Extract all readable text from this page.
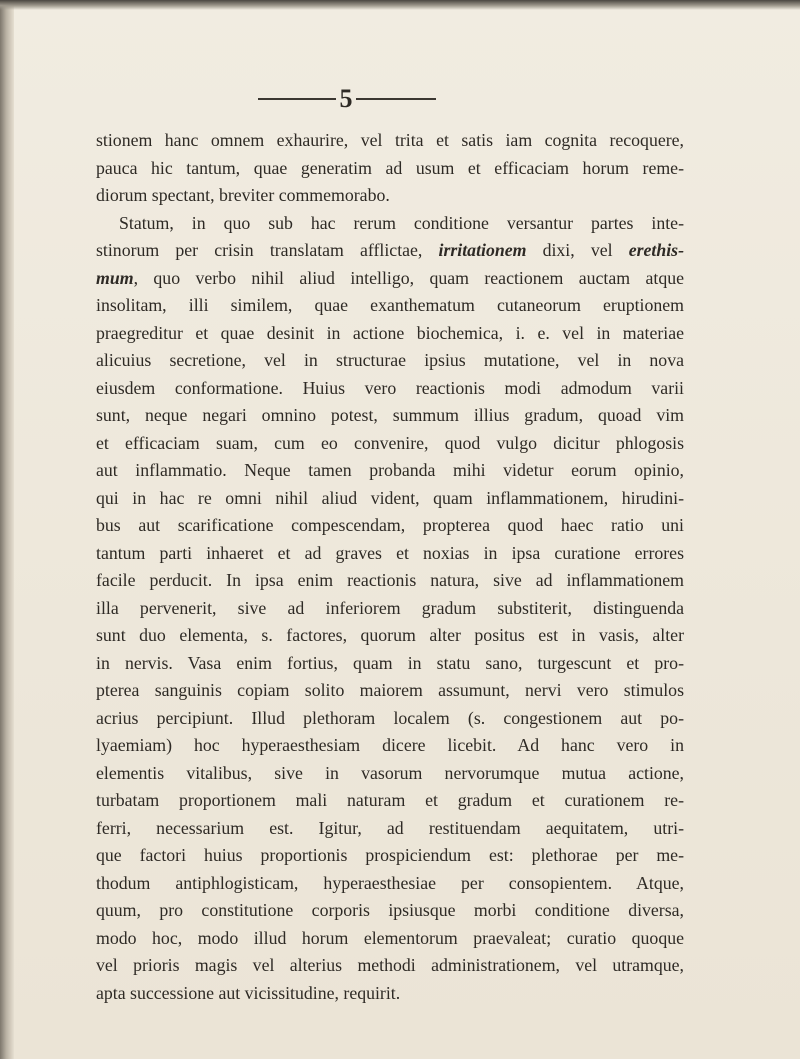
5
stionem hanc omnem exhaurire, vel trita et satis iam cognita recoquere,
pauca hic tantum, quae generatim ad usum et efficaciam horum reme-
diorum spectant, breviter commemorabo.
Statum, in quo sub hac rerum conditione versantur partes inte-
stinorum per crisin translatam afflictae, irritationem dixi, vel erethis-
mum, quo verbo nihil aliud intelligo, quam reactionem auctam atque
insolitam, illi similem, quae exanthematum cutaneorum eruptionem
praegreditur et quae desinit in actione biochemica, i. e. vel in materiae
alicuius secretione, vel in structurae ipsius mutatione, vel in nova
eiusdem conformatione. Huius vero reactionis modi admodum varii
sunt, neque negari omnino potest, summum illius gradum, quoad vim
et efficaciam suam, cum eo convenire, quod vulgo dicitur phlogosis
aut inflammatio. Neque tamen probanda mihi videtur eorum opinio,
qui in hac re omni nihil aliud vident, quam inflammationem, hirudini-
bus aut scarificatione compescendam, propterea quod haec ratio uni
tantum parti inhaeret et ad graves et noxias in ipsa curatione errores
facile perducit. In ipsa enim reactionis natura, sive ad inflammationem
illa pervenerit, sive ad inferiorem gradum substiterit, distinguenda
sunt duo elementa, s. factores, quorum alter positus est in vasis, alter
in nervis. Vasa enim fortius, quam in statu sano, turgescunt et pro-
pterea sanguinis copiam solito maiorem assumunt, nervi vero stimulos
acrius percipiunt. Illud plethoram localem (s. congestionem aut po-
lyaemiam) hoc hyperaesthesiam dicere licebit. Ad hanc vero in
elementis vitalibus, sive in vasorum nervorumque mutua actione,
turbatam proportionem mali naturam et gradum et curationem re-
ferri, necessarium est. Igitur, ad restituendam aequitatem, utri-
que factori huius proportionis prospiciendum est: plethorae per me-
thodum antiphlogisticam, hyperaesthesiae per consopientem. Atque,
quum, pro constitutione corporis ipsiusque morbi conditione diversa,
modo hoc, modo illud horum elementorum praevaleat; curatio quoque
vel prioris magis vel alterius methodi administrationem, vel utramque,
apta successione aut vicissitudine, requirit.
